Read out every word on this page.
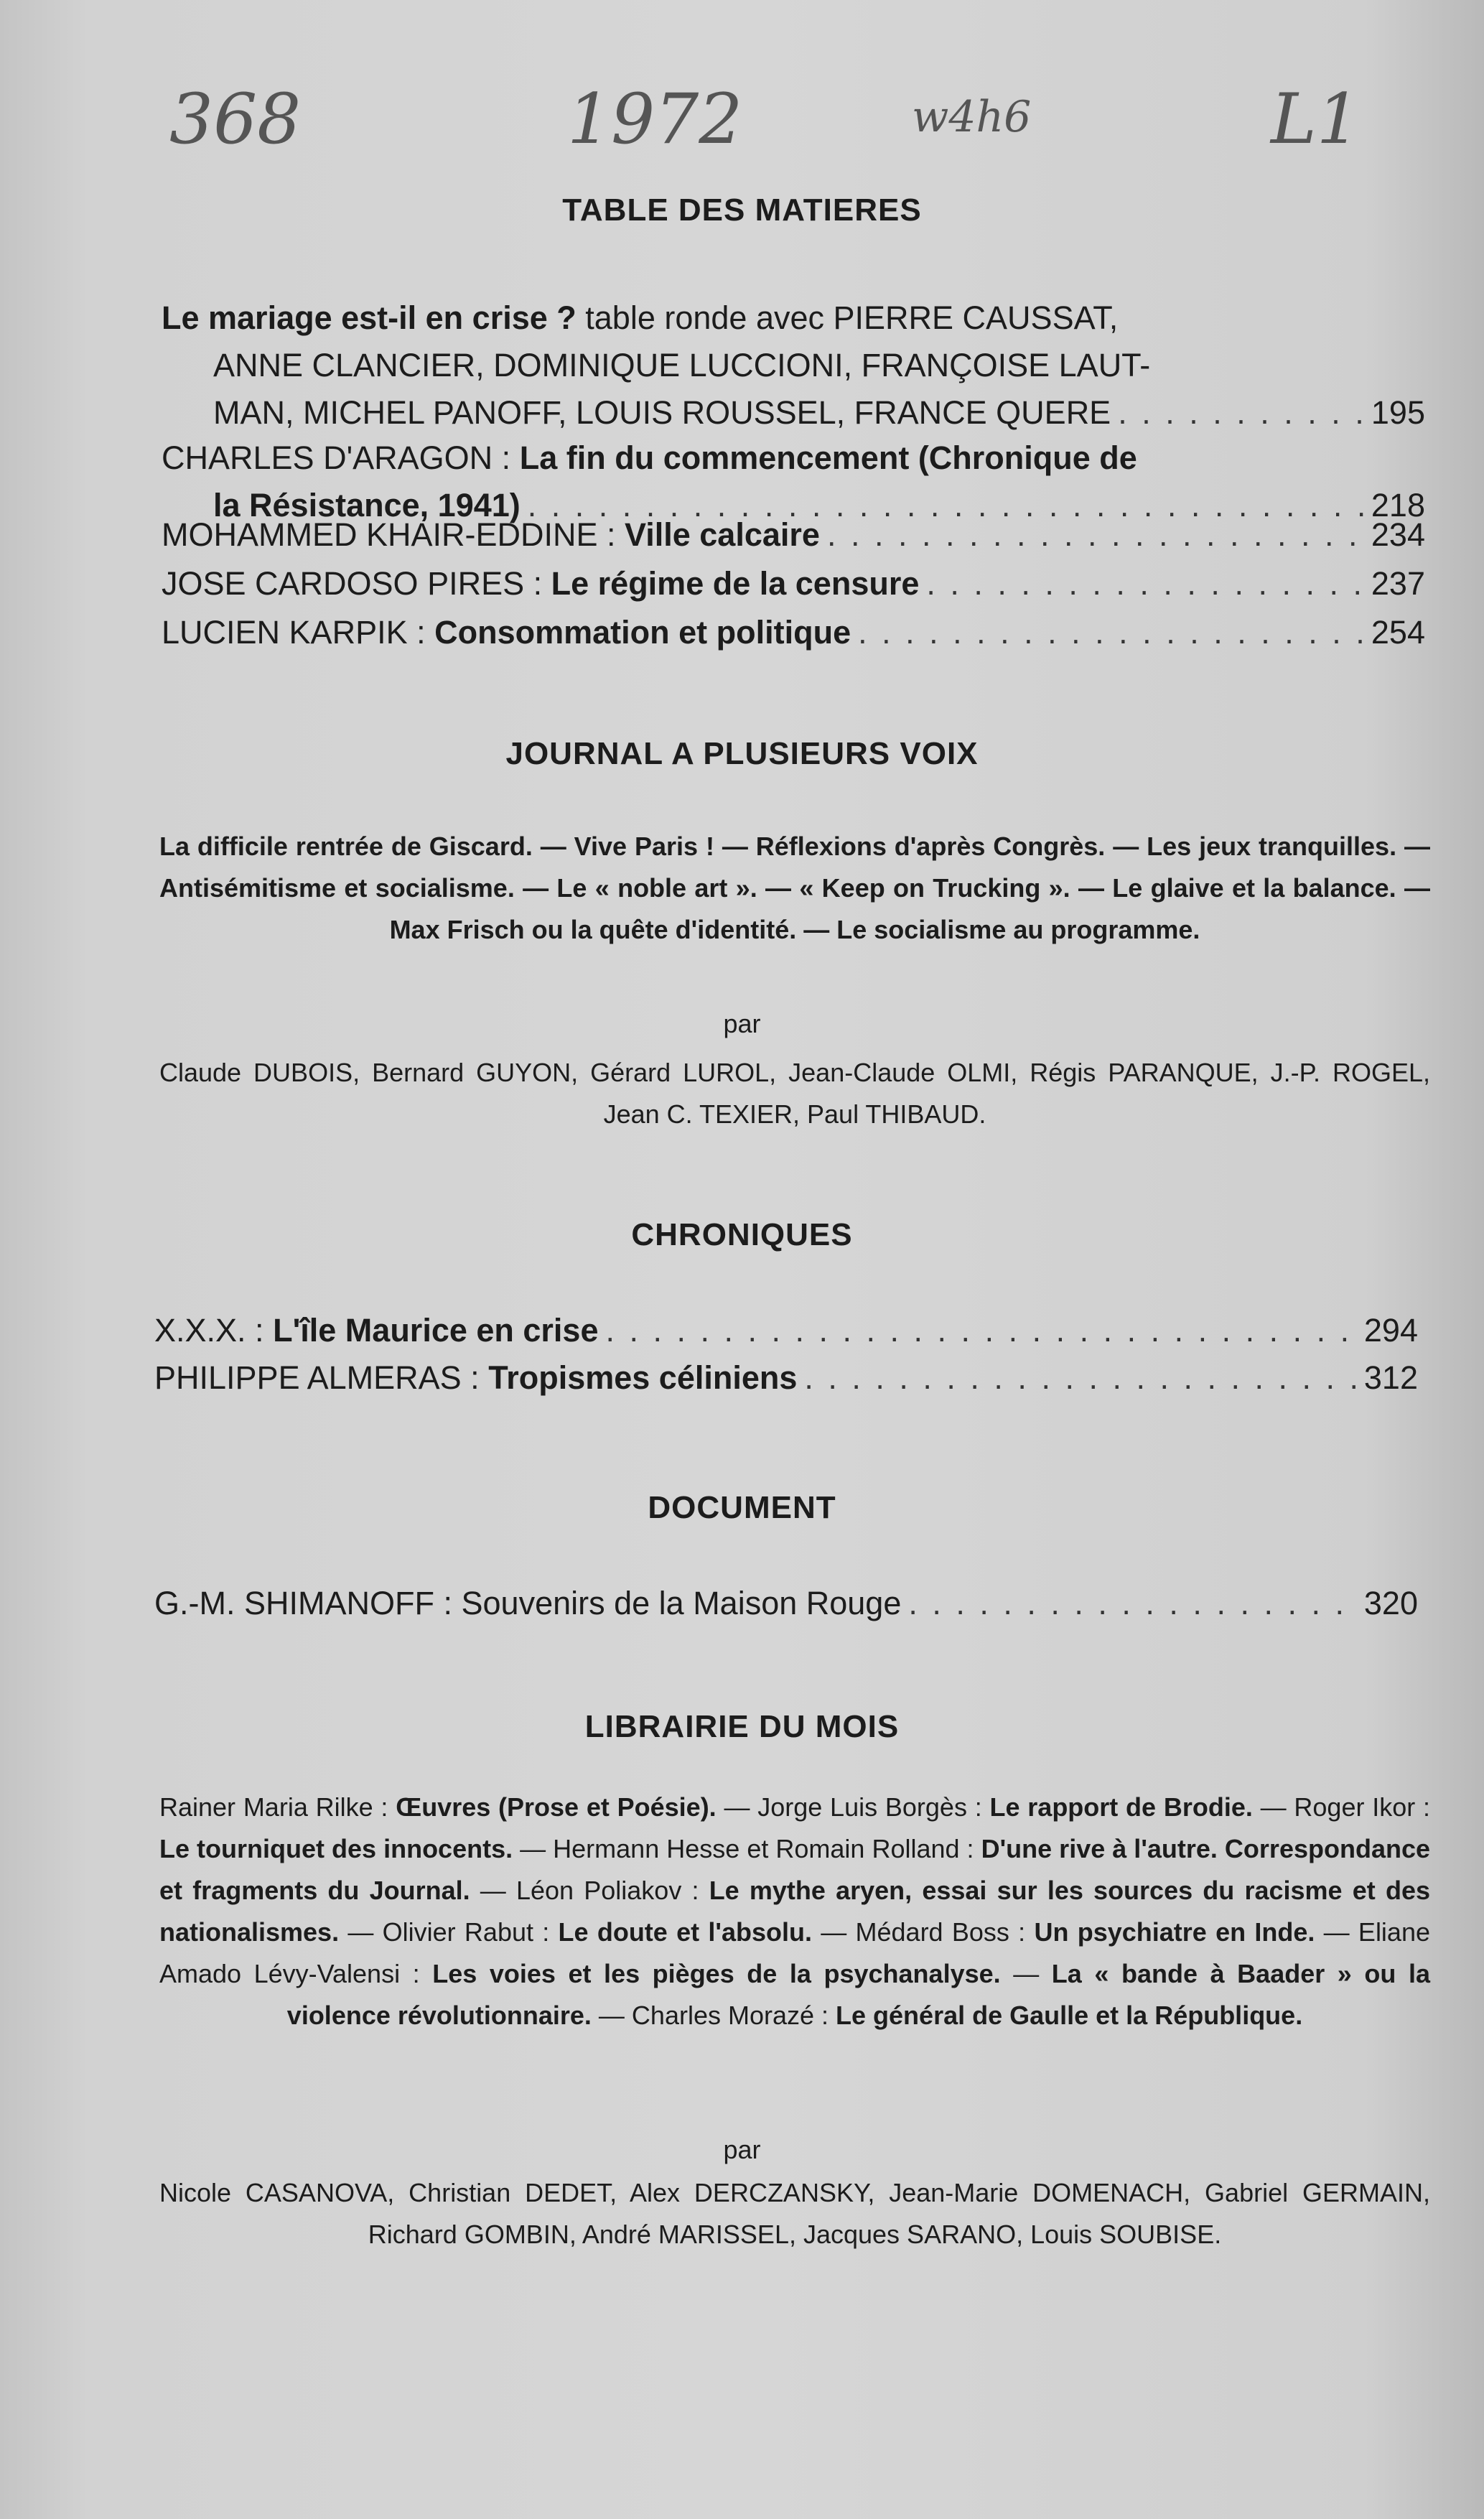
368	1972	w4h6	L1
TABLE DES MATIERES
Le mariage est-il en crise ? table ronde avec PIERRE CAUSSAT,
ANNE CLANCIER, DOMINIQUE LUCCIONI, FRANÇOISE LAUT-
MAN, MICHEL PANOFF, LOUIS ROUSSEL, FRANCE QUERE . . .	195
CHARLES D'ARAGON : La fin du commencement (Chronique de
la Résistance, 1941) . . .	218
MOHAMMED KHAIR-EDDINE : Ville calcaire . . .	234
JOSE CARDOSO PIRES : Le régime de la censure . . .	237
LUCIEN KARPIK : Consommation et politique . . .	254
JOURNAL A PLUSIEURS VOIX
La difficile rentrée de Giscard. — Vive Paris ! — Réflexions d'après Congrès. — Les jeux tranquilles. — Antisémitisme et socialisme. — Le « noble art ». — « Keep on Trucking ». — Le glaive et la balance. — Max Frisch ou la quête d'identité. — Le socialisme au programme.
par
Claude DUBOIS, Bernard GUYON, Gérard LUROL, Jean-Claude OLMI, Régis PARANQUE, J.-P. ROGEL, Jean C. TEXIER, Paul THIBAUD.
CHRONIQUES
X.X.X. : L'île Maurice en crise . . .	294
PHILIPPE ALMERAS : Tropismes céliniens . . .	312
DOCUMENT
G.-M. SHIMANOFF : Souvenirs de la Maison Rouge . . .	320
LIBRAIRIE DU MOIS
Rainer Maria Rilke : Œuvres (Prose et Poésie). — Jorge Luis Borgès : Le rapport de Brodie. — Roger Ikor : Le tourniquet des innocents. — Hermann Hesse et Romain Rolland : D'une rive à l'autre. Correspondance et fragments du Journal. — Léon Poliakov : Le mythe aryen, essai sur les sources du racisme et des nationalismes. — Olivier Rabut : Le doute et l'absolu. — Médard Boss : Un psychiatre en Inde. — Eliane Amado Lévy-Valensi : Les voies et les pièges de la psychanalyse. — La « bande à Baader » ou la violence révolutionnaire. — Charles Morazé : Le général de Gaulle et la République.
par
Nicole CASANOVA, Christian DEDET, Alex DERCZANSKY, Jean-Marie DOMENACH, Gabriel GERMAIN, Richard GOMBIN, André MARISSEL, Jacques SARANO, Louis SOUBISE.
